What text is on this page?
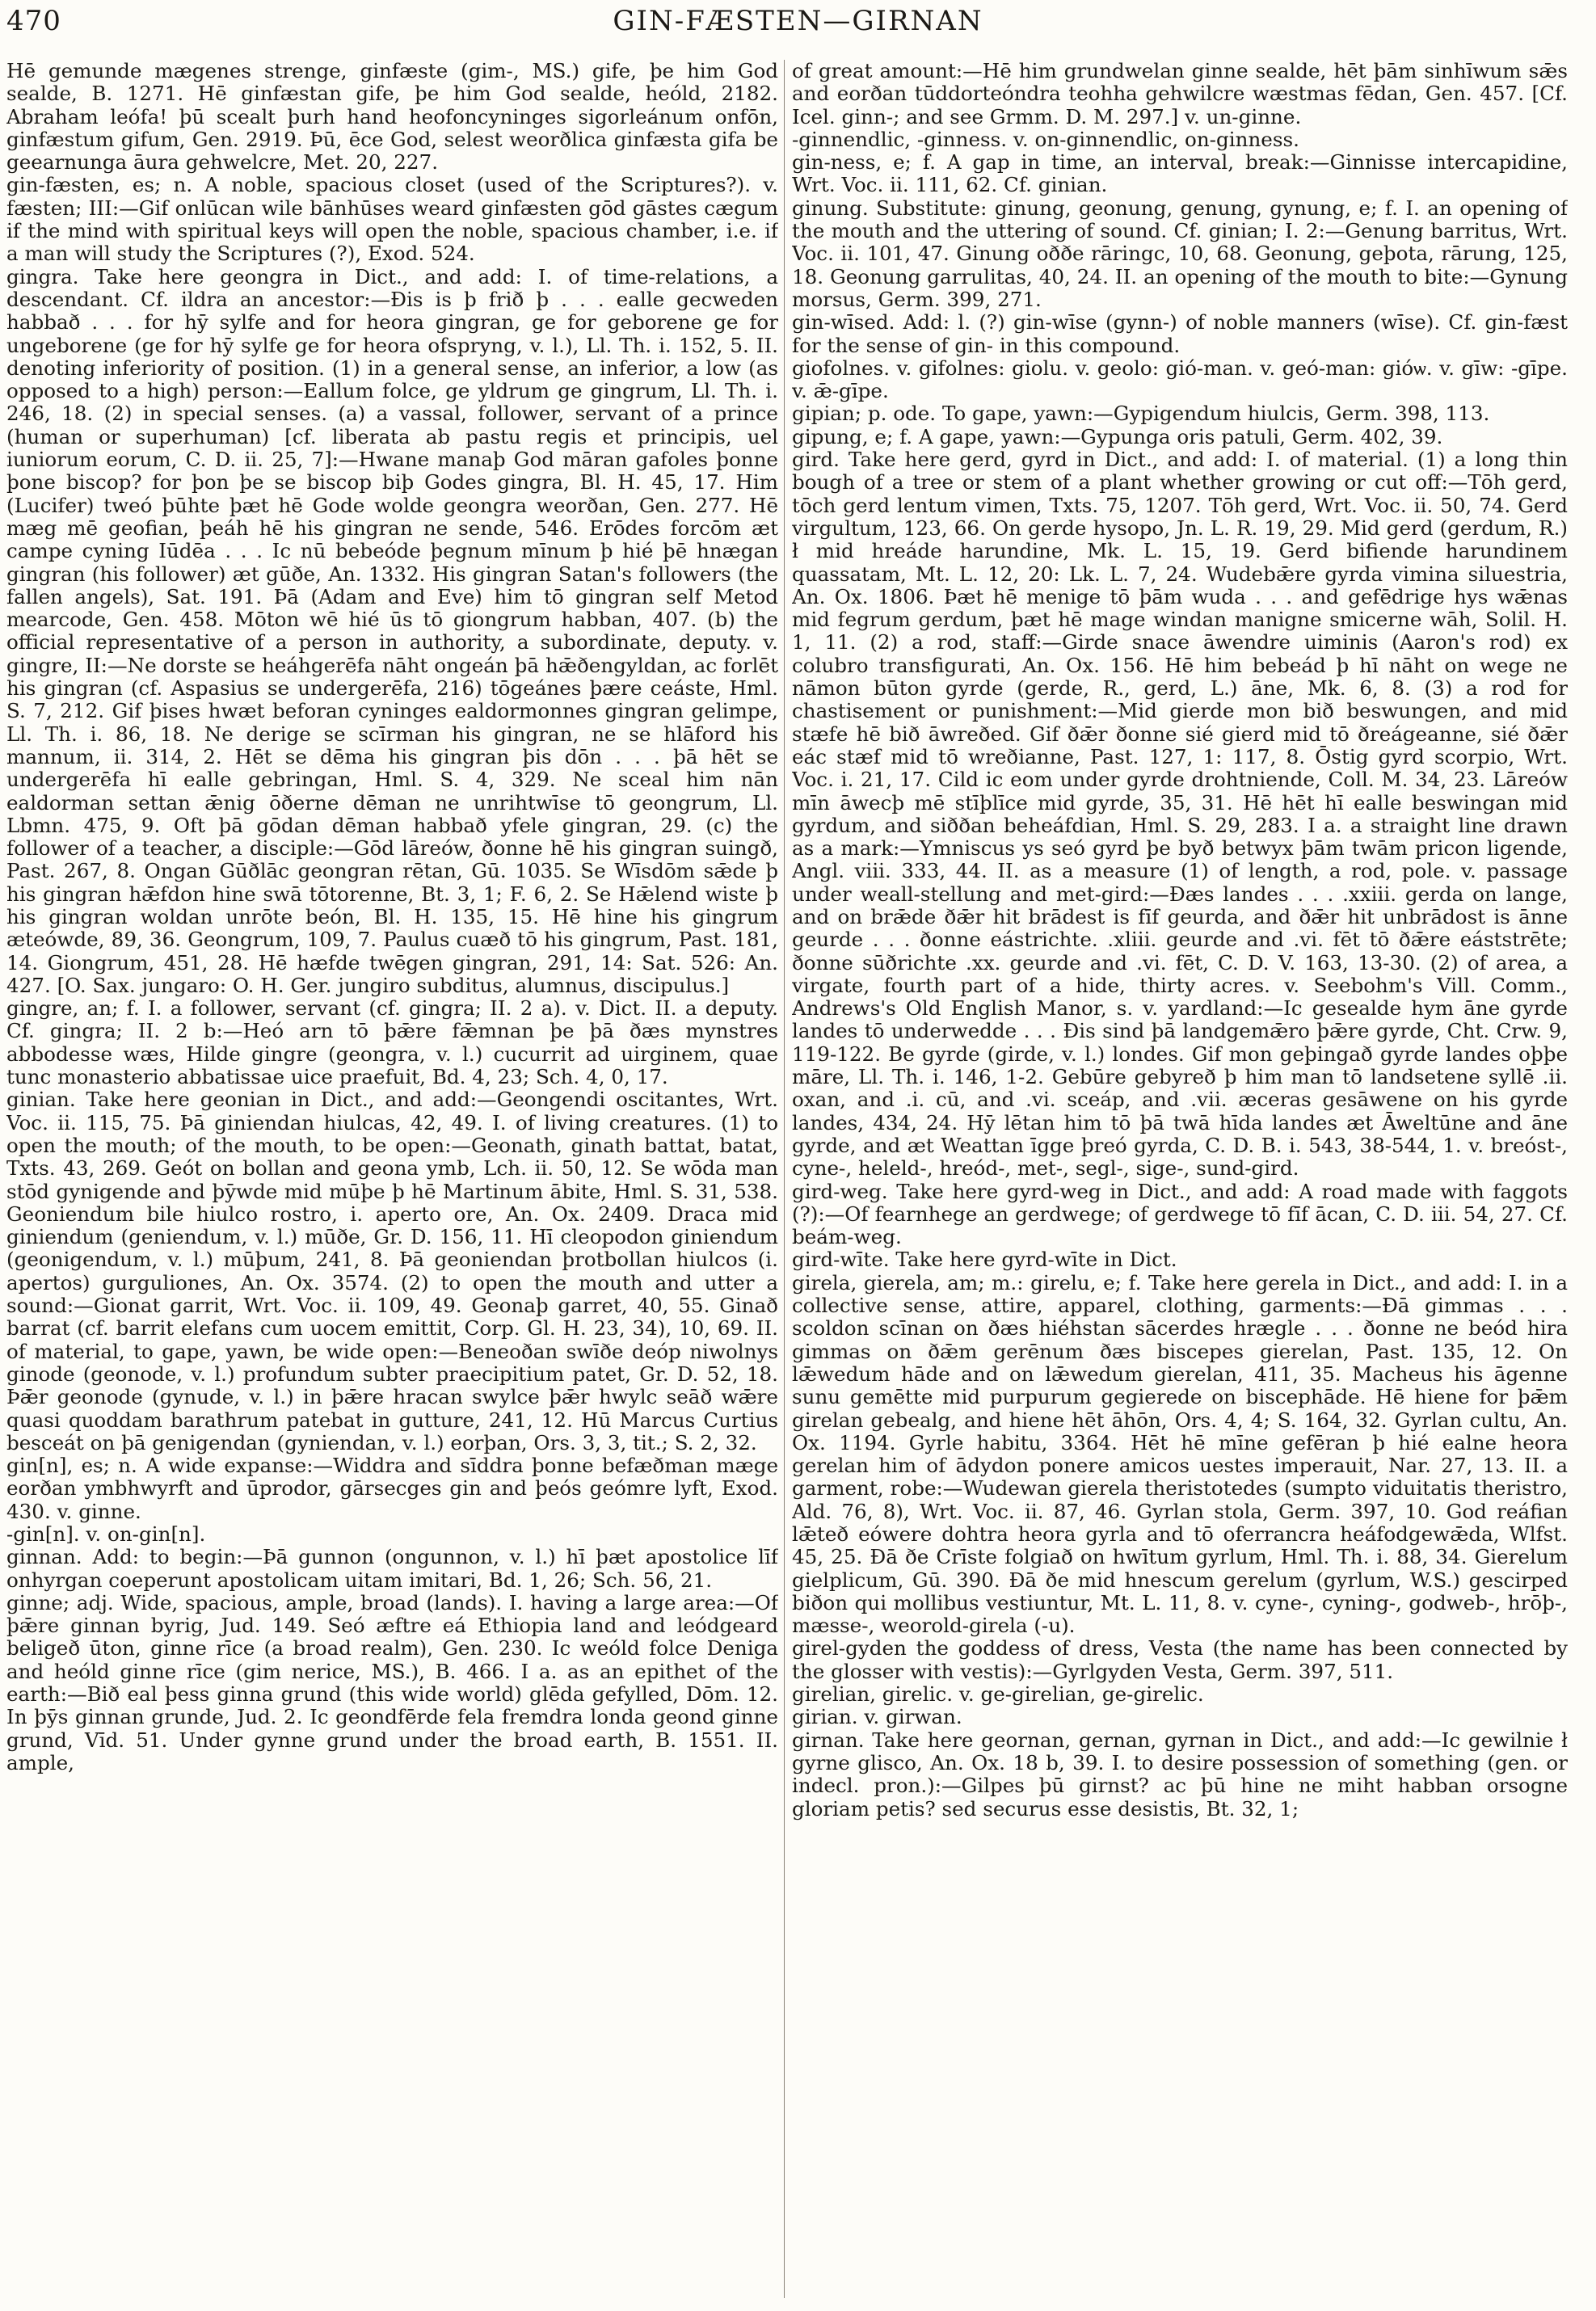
470	GIN-FÆSTEN—GIRNAN

Hē gemunde mægenes strenge, ginfæste (gim-, MS.) gife, þe him God sealde, B. 1271. Hē ginfæstan gife, þe him God sealde, heóld, 2182. Abraham leófa! þū scealt þurh hand heofoncyninges sigorleánum onfōn, ginfæstum gifum, Gen. 2919. Þū, ēce God, selest weorðlica ginfæsta gifa be geearnunga āura gehwelcre, Met. 20, 227.

gin-fæsten, es; n. A noble, spacious closet (used of the Scriptures?). v. fæsten; III:—Gif onlūcan wile bānhūses weard ginfæsten gōd gāstes cægum if the mind with spiritual keys will open the noble, spacious chamber, i.e. if a man will study the Scriptures (?), Exod. 524.

gingra. Take here geongra in Dict., and add: I. of time-relations, a descendant. Cf. ildra an ancestor:—Ðis is þ frið þ . . . ealle gecweden habbað . . . for hȳ sylfe and for heora gingran, ge for geborene ge for ungeborene (ge for hȳ sylfe ge for heora ofspryng, v. l.), Ll. Th. i. 152, 5. II. denoting inferiority of position. (1) in a general sense, an inferior, a low (as opposed to a high) person:—Eallum folce, ge yldrum ge gingrum, Ll. Th. i. 246, 18. (2) in special senses. (a) a vassal, follower, servant of a prince (human or superhuman) [cf. liberata ab pastu regis et principis, uel iuniorum eorum, C. D. ii. 25, 7]:—Hwane manaþ God māran gafoles þonne þone biscop? for þon þe se biscop biþ Godes gingra, Bl. H. 45, 17. Him (Lucifer) tweó þūhte þæt hē Gode wolde geongra weorðan, Gen. 277. Hē mæg mē geofian, þeáh hē his gingran ne sende, 546. Erōdes forcōm æt campe cyning Iūdēa . . . Ic nū bebeóde þegnum mīnum þ hié þē hnægan gingran (his follower) æt gūðe, An. 1332. His gingran Satan's followers (the fallen angels), Sat. 191. Þā (Adam and Eve) him tō gingran self Metod mearcode, Gen. 458. Mōton wē hié ūs tō giongrum habban, 407. (b) the official representative of a person in authority, a subordinate, deputy. v. gingre, II:—Ne dorste se heáhgerēfa nāht ongeán þā hǣðengyldan, ac forlēt his gingran (cf. Aspasius se undergerēfa, 216) tōgeánes þære ceáste, Hml. S. 7, 212. Gif þises hwæt beforan cyninges ealdormonnes gingran gelimpe, Ll. Th. i. 86, 18. Ne derige se scīrman his gingran, ne se hlāford his mannum, ii. 314, 2. Hēt se dēma his gingran þis dōn . . . þā hēt se undergerēfa hī ealle gebringan, Hml. S. 4, 329. Ne sceal him nān ealdorman settan ǣnig ōðerne dēman ne unrihtwīse tō geongrum, Ll. Lbmn. 475, 9. Oft þā gōdan dēman habbað yfele gingran, 29. (c) the follower of a teacher, a disciple:—Gōd lāreów, ðonne hē his gingran suingð, Past. 267, 8. Ongan Gūðlāc geongran rētan, Gū. 1035. Se Wīsdōm sǣde þ his gingran hǣfdon hine swā tōtorenne, Bt. 3, 1; F. 6, 2. Se Hǣlend wiste þ his gingran woldan unrōte beón, Bl. H. 135, 15. Hē hine his gingrum ætеówde, 89, 36. Geongrum, 109, 7. Paulus cuæð tō his gingrum, Past. 181, 14. Giongrum, 451, 28. Hē hæfde twēgen gingran, 291, 14: Sat. 526: An. 427. [O. Sax. jungaro: O. H. Ger. jungiro subditus, alumnus, discipulus.]

gingre, an; f. I. a follower, servant (cf. gingra; II. 2 a). v. Dict. II. a deputy. Cf. gingra; II. 2 b:—Heó arn tō þǣre fǣmnan þe þā ðæs mynstres abbodesse wæs, Hilde gingre (geongra, v. l.) cucurrit ad uirginem, quae tunc monasterio abbatissae uice praefuit, Bd. 4, 23; Sch. 4, 0, 17.

ginian. Take here geonian in Dict., and add:—Geongendi oscitantes, Wrt. Voc. ii. 115, 75. Þā giniendan hiulcas, 42, 49. I. of living creatures. (1) to open the mouth; of the mouth, to be open:—Geonath, ginath battat, batat, Txts. 43, 269. Geót on bollan and geona ymb, Lch. ii. 50, 12. Se wōda man stōd gynigende and þȳwde mid mūþe þ hē Martinum ābite, Hml. S. 31, 538. Geoniendum bile hiulco rostro, i. aperto ore, An. Ox. 2409. Draca mid giniendum (geniendum, v. l.) mūðe, Gr. D. 156, 11. Hī cleopodon giniendum (geonigendum, v. l.) mūþum, 241, 8. Þā geoniendan þrotbollan hiulcos (i. apertos) gurguliones, An. Ox. 3574. (2) to open the mouth and utter a sound:—Gionat garrit, Wrt. Voc. ii. 109, 49. Geonaþ garret, 40, 55. Ginað barrat (cf. barrit elefans cum uocem emittit, Corp. Gl. H. 23, 34), 10, 69. II. of material, to gape, yawn, be wide open:—Beneoðan swīðe deóp niwolnys ginode (geonode, v. l.) profundum subter praecipitium patet, Gr. D. 52, 18. Þǣr geonode (gynude, v. l.) in þǣre hracan swylce þǣr hwylc seāð wǣre quasi quoddam barathrum patebat in gutture, 241, 12. Hū Marcus Curtius besceát on þā genigendan (gyniendan, v. l.) eorþan, Ors. 3, 3, tit.; S. 2, 32.

gin[n], es; n. A wide expanse:—Widdra and sīddra þonne befæðman mæge eorðan ymbhwyrft and ūprodor, gārsecges gin and þeós geómre lyft, Exod. 430. v. ginne.

-gin[n]. v. on-gin[n].

ginnan. Add: to begin:—Þā gunnon (ongunnon, v. l.) hī þæt apostolice līf onhyrgan coeperunt apostolicam uitam imitari, Bd. 1, 26; Sch. 56, 21.

ginne; adj. Wide, spacious, ample, broad (lands). I. having a large area:—Of þǣre ginnan byrig, Jud. 149. Seó æftre eá Ethiopia land and leódgeard beligeð ūton, ginne rīce (a broad realm), Gen. 230. Ic weóld folce Deniga and heóld ginne rīce (gim nerice, MS.), B. 466. I a. as an epithet of the earth:—Bið eal þess ginna grund (this wide world) glēda gefylled, Dōm. 12. In þȳs ginnan grunde, Jud. 2. Ic geondfērde fela fremdra londa geond ginne grund, Vīd. 51. Under gynne grund under the broad earth, B. 1551. II. ample,

of great amount:—Hē him grundwelan ginne sealde, hēt þām sinhīwum sǣs and eorðan tūddorteóndra teohha gehwilcre wæstmas fēdan, Gen. 457. [Cf. Icel. ginn-; and see Grmm. D. M. 297.] v. un-ginne.

-ginnendlic, -ginness. v. on-ginnendlic, on-ginness.

gin-ness, e; f. A gap in time, an interval, break:—Ginnisse intercapidine, Wrt. Voc. ii. 111, 62. Cf. ginian.

ginung. Substitute: ginung, geonung, genung, gynung, e; f. I. an opening of the mouth and the uttering of sound. Cf. ginian; I. 2:—Genung barritus, Wrt. Voc. ii. 101, 47. Ginung oððe rāringc, 10, 68. Geonung, geþota, rārung, 125, 18. Geonung garrulitas, 40, 24. II. an opening of the mouth to bite:—Gynung morsus, Germ. 399, 271.

gin-wīsed. Add: l. (?) gin-wīse (gynn-) of noble manners (wīse). Cf. gin-fæst for the sense of gin- in this compound.

giofolnes. v. gifolnes: giolu. v. geolo: gió-man. v. geó-man: gióѡ. v. gīw: -gīpe. v. ǣ-gīpe.

gipian; p. ode. To gape, yawn:—Gypigendum hiulcis, Germ. 398, 113.

gipung, e; f. A gape, yawn:—Gypunga oris patuli, Germ. 402, 39.

gird. Take here gerd, gyrd in Dict., and add: I. of material. (1) a long thin bough of a tree or stem of a plant whether growing or cut off:—Tōh gerd, tōch gerd lentum vimen, Txts. 75, 1207. Tōh gerd, Wrt. Voc. ii. 50, 74. Gerd virgultum, 123, 66. On gerde hysopo, Jn. L. R. 19, 29. Mid gerd (gerdum, R.) ł mid hreáde harundine, Mk. L. 15, 19. Gerd bifiende harundinem quassatam, Mt. L. 12, 20: Lk. L. 7, 24. Wudebǣre gyrda vimina siluestria, An. Ox. 1806. Þæt hē menige tō þām wuda . . . and gefēdrige hys wǣnas mid fegrum gerdum, þæt hē mage windan manigne smicerne wāh, Solil. H. 1, 11. (2) a rod, staff:—Girde snace āwendre uiminis (Aaron's rod) ex colubro transfigurati, An. Ox. 156. Hē him bebeád þ hī nāht on wege ne nāmon būton gyrde (gerde, R., gerd, L.) āne, Mk. 6, 8. (3) a rod for chastisement or punishment:—Mid gierde mon bið beswungen, and mid stæfe hē bið āwreðed. Gif ðǣr ðonne sié gierd mid tō ðreágeanne, sié ðǣr eác stæf mid tō wreðianne, Past. 127, 1: 117, 8. Ōstig gyrd scorpio, Wrt. Voc. i. 21, 17. Cild ic eom under gyrde drohtniende, Coll. M. 34, 23. Lāreów mīn āwecþ mē stīþlīce mid gyrde, 35, 31. Hē hēt hī ealle beswingan mid gyrdum, and siððan beheáfdian, Hml. S. 29, 283. I a. a straight line drawn as a mark:—Ymniscus ys seó gyrd þe byð betwyx þām twām pricon ligende, Angl. viii. 333, 44. II. as a measure (1) of length, a rod, pole. v. passage under weall-stellung and met-gird:—Ðæs landes . . . .xxiii. gerda on lange, and on brǣde ðǣr hit brādest is fīf geurda, and ðǣr hit unbrādost is ānne geurde . . . ðonne eástrichte. .xliii. geurde and .vi. fēt tō ðǣre eáststrēte; ðonne sūðrichte .xx. geurde and .vi. fēt, C. D. V. 163, 13-30. (2) of area, a virgate, fourth part of a hide, thirty acres. v. Seebohm's Vill. Comm., Andrews's Old English Manor, s. v. yardland:—Ic gesealde hym āne gyrde landes tō underwedde . . . Ðis sind þā landgemǣro þǣre gyrde, Cht. Crw. 9, 119-122. Be gyrde (girde, v. l.) londes. Gif mon geþingað gyrde landes oþþe māre, Ll. Th. i. 146, 1-2. Gebūre gebyreð þ him man tō landsetene syllē .ii. oxan, and .i. cū, and .vi. sceáp, and .vii. æceras gesāwene on his gyrde landes, 434, 24. Hȳ lētan him tō þā twā hīda landes æt Āweltūne and āne gyrde, and æt Weattan īgge þreó gyrda, C. D. B. i. 543, 38-544, 1. v. breóst-, cyne-, heleld-, hreód-, met-, segl-, sige-, sund-gird.

gird-weg. Take here gyrd-weg in Dict., and add: A road made with faggots (?):—Of fearnhege an gerdwege; of gerdwege tō fīf ācan, C. D. iii. 54, 27. Cf. beám-weg.

gird-wīte. Take here gyrd-wīte in Dict.

girela, gierela, am; m.: girelu, e; f. Take here gerela in Dict., and add: I. in a collective sense, attire, apparel, clothing, garments:—Ðā gimmas . . . scoldon scīnan on ðæs hiéhstan sācerdes hrægle . . . ðonne ne beód hira gimmas on ðǣm gerēnum ðæs biscepes gierelan, Past. 135, 12. On lǣwedum hāde and on lǣwedum gierelan, 411, 35. Macheus his āgenne sunu gemētte mid purpurum gegierede on biscephāde. Hē hiene for þǣm girelan gebealg, and hiene hēt āhōn, Ors. 4, 4; S. 164, 32. Gyrlan cultu, An. Ox. 1194. Gyrle habitu, 3364. Hēt hē mīne gefēran þ hié ealne heora gerelan him of ādydon ponere amicos uestes imperauit, Nar. 27, 13. II. a garment, robe:—Wudewan gierela theristotedes (sumpto viduitatis theristro, Ald. 76, 8), Wrt. Voc. ii. 87, 46. Gyrlan stola, Germ. 397, 10. God reáfian lǣteð eówere dohtra heora gyrla and tō oferrancra heáfodgewǣda, Wlfst. 45, 25. Ðā ðe Crīste folgiað on hwītum gyrlum, Hml. Th. i. 88, 34. Gierelum gielplicum, Gū. 390. Ðā ðe mid hnescum gerelum (gyrlum, W.S.) gescirped biðon qui mollibus vestiuntur, Mt. L. 11, 8. v. cyne-, cyning-, godweb-, hrōþ-, mæsse-, weorold-girela (-u).

girel-gyden the goddess of dress, Vesta (the name has been connected by the glosser with vestis):—Gyrlgyden Vesta, Germ. 397, 511.

girelian, girelic. v. ge-girelian, ge-girelic.

girian. v. girwan.

girnan. Take here geornan, gernan, gyrnan in Dict., and add:—Ic gewilnie ł gyrne glisco, An. Ox. 18 b, 39. I. to desire possession of something (gen. or indecl. pron.):—Gilpes þū girnst? ac þū hine ne miht habban orsogne gloriam petis? sed securus esse desistis, Bt. 32, 1;
